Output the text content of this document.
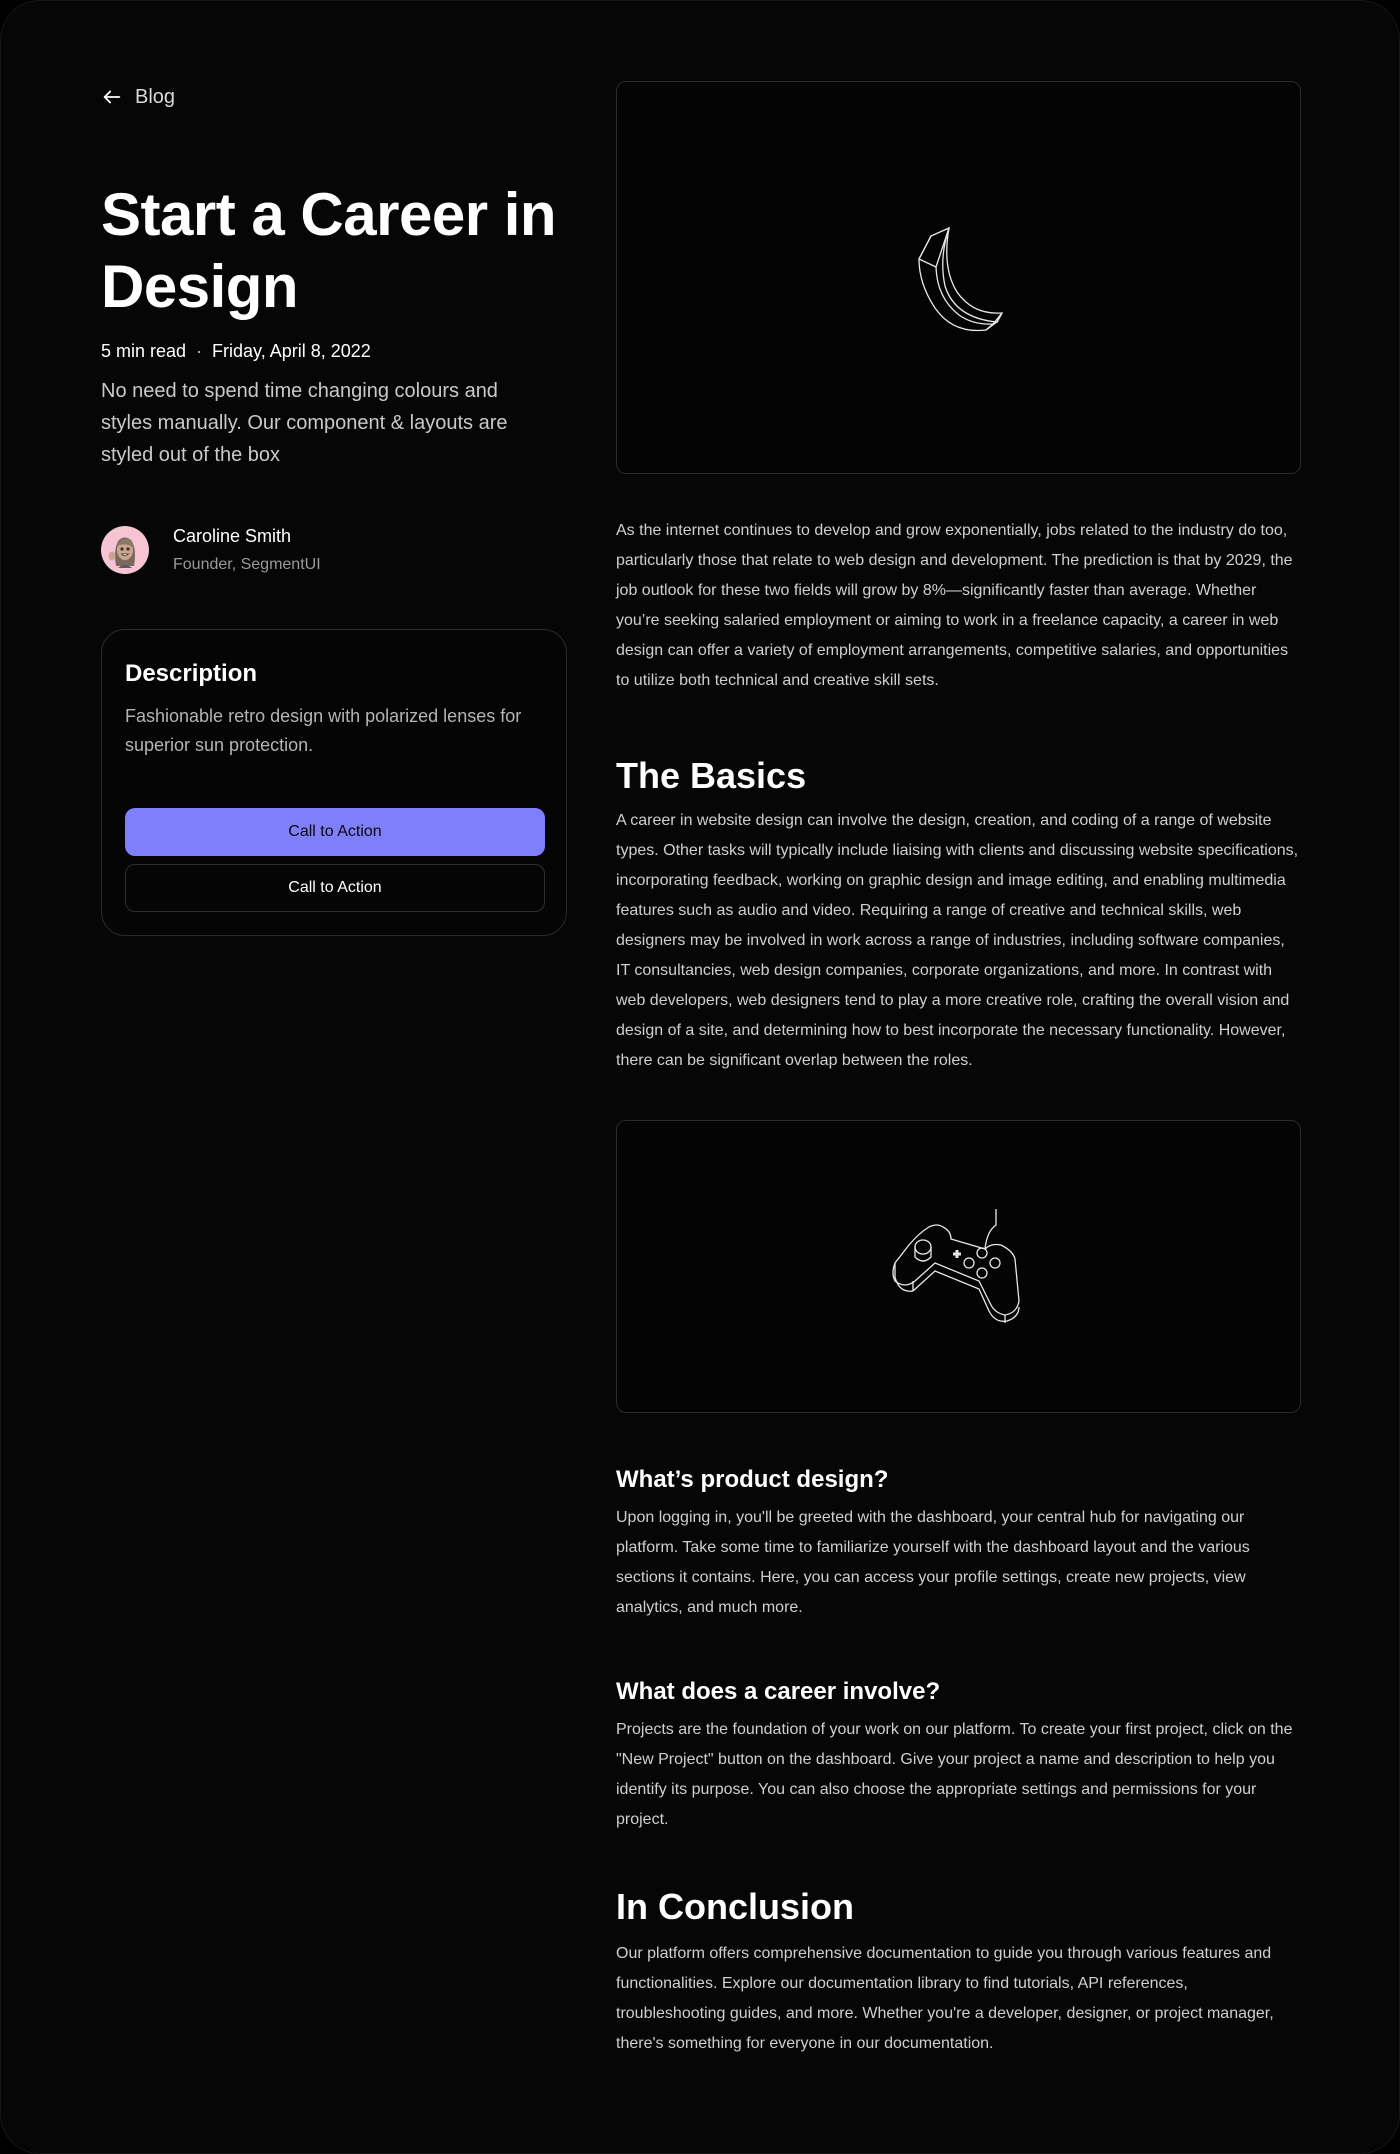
Blog
Start a Career in Design
5 min read · Friday, April 8, 2022

No need to spend time changing colours and styles manually. Our component & layouts are styled out of the box

Caroline Smith
Founder, SegmentUI
Description

Fashionable retro design with polarized lenses for superior sun protection.

Call to Action
Call to Action

As the internet continues to develop and grow exponentially, jobs related to the industry do too, particularly those that relate to web design and development. The prediction is that by 2029, the job outlook for these two fields will grow by 8%—significantly faster than average. Whether you’re seeking salaried employment or aiming to work in a freelance capacity, a career in web design can offer a variety of employment arrangements, competitive salaries, and opportunities to utilize both technical and creative skill sets.

The Basics

A career in website design can involve the design, creation, and coding of a range of website types. Other tasks will typically include liaising with clients and discussing website specifications, incorporating feedback, working on graphic design and image editing, and enabling multimedia features such as audio and video. Requiring a range of creative and technical skills, web designers may be involved in work across a range of industries, including software companies, IT consultancies, web design companies, corporate organizations, and more. In contrast with web developers, web designers tend to play a more creative role, crafting the overall vision and design of a site, and determining how to best incorporate the necessary functionality. However, there can be significant overlap between the roles.

What’s product design?

Upon logging in, you'll be greeted with the dashboard, your central hub for navigating our platform. Take some time to familiarize yourself with the dashboard layout and the various sections it contains. Here, you can access your profile settings, create new projects, view analytics, and much more.

What does a career involve?

Projects are the foundation of your work on our platform. To create your first project, click on the "New Project" button on the dashboard. Give your project a name and description to help you identify its purpose. You can also choose the appropriate settings and permissions for your project.

In Conclusion

Our platform offers comprehensive documentation to guide you through various features and functionalities. Explore our documentation library to find tutorials, API references, troubleshooting guides, and more. Whether you're a developer, designer, or project manager, there's something for everyone in our documentation.
